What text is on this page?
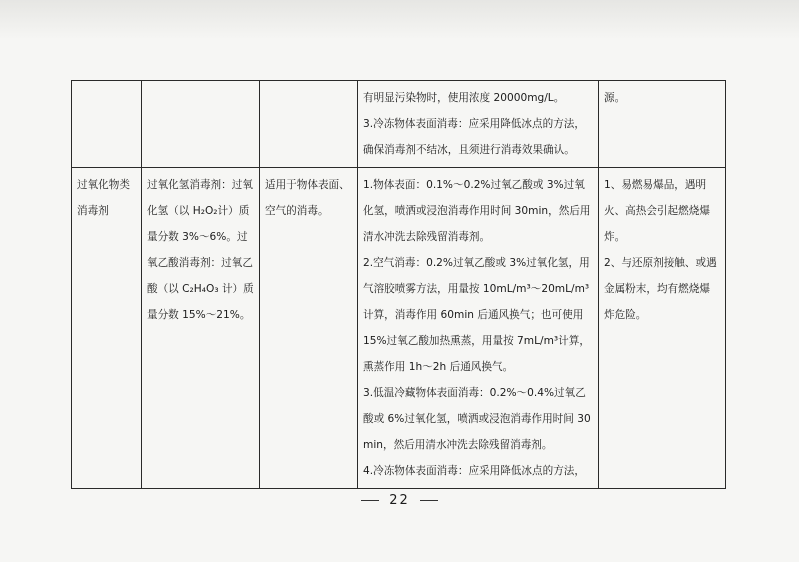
			有明显污染物时，使用浓度 20000mg/L。
3.冷冻物体表面消毒：应采用降低冰点的方法，确保消毒剂不结冰，且须进行消毒效果确认。	源。
过氧化物类消毒剂	过氧化氢消毒剂：过氧化氢（以 H₂O₂计）质量分数 3%～6%。过氧乙酸消毒剂：过氧乙酸（以 C₂H₄O₃ 计）质量分数 15%～21%。	适用于物体表面、空气的消毒。	1.物体表面：0.1%～0.2%过氧乙酸或 3%过氧化氢，喷洒或浸泡消毒作用时间 30min，然后用清水冲洗去除残留消毒剂。
2.空气消毒：0.2%过氧乙酸或 3%过氧化氢，用气溶胶喷雾方法，用量按 10mL/m³～20mL/m³计算，消毒作用 60min 后通风换气；也可使用 15%过氧乙酸加热熏蒸，用量按 7mL/m³计算，熏蒸作用 1h～2h 后通风换气。
3.低温冷藏物体表面消毒：0.2%～0.4%过氧乙酸或 6%过氧化氢，喷洒或浸泡消毒作用时间 30min，然后用清水冲洗去除残留消毒剂。
4.冷冻物体表面消毒：应采用降低冰点的方法，	1、易燃易爆品，遇明火、高热会引起燃烧爆炸。
2、与还原剂接触、或遇金属粉末，均有燃烧爆炸危险。
22
